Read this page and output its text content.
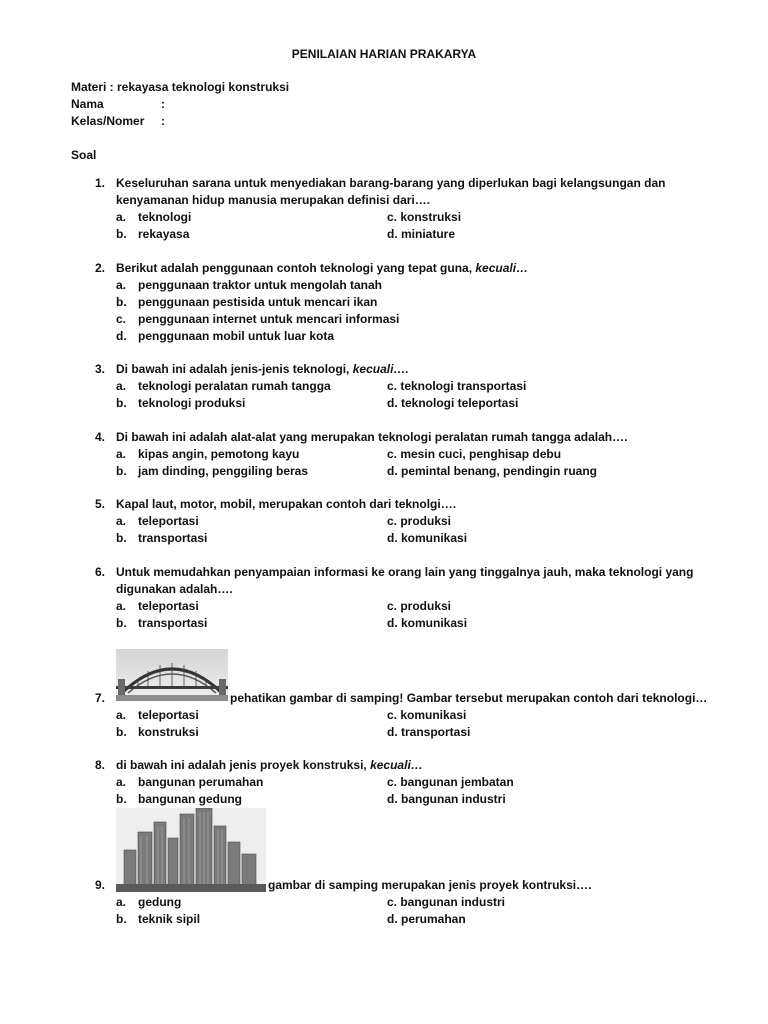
PENILAIAN HARIAN PRAKARYA
Materi : rekayasa teknologi konstruksi
Nama	:
Kelas/Nomer :
Soal
1. Keseluruhan sarana untuk menyediakan barang-barang yang diperlukan bagi kelangsungan dan kenyamanan hidup manusia merupakan definisi dari….
a. teknologi	c. konstruksi
b. rekayasa	d. miniature
2. Berikut adalah penggunaan contoh teknologi yang tepat guna, kecuali…
a. penggunaan traktor untuk mengolah tanah
b. penggunaan pestisida untuk mencari ikan
c. penggunaan internet untuk mencari informasi
d. penggunaan mobil untuk luar kota
3. Di bawah ini adalah jenis-jenis teknologi, kecuali….
a. teknologi peralatan rumah tangga	c. teknologi transportasi
b. teknologi produksi	d. teknologi teleportasi
4. Di bawah ini adalah alat-alat yang merupakan teknologi peralatan rumah tangga adalah….
a. kipas angin, pemotong kayu	c. mesin cuci, penghisap debu
b. jam dinding, penggiling beras	d. pemintal benang, pendingin ruang
5. Kapal laut, motor, mobil, merupakan contoh dari teknolgi….
a. teleportasi	c. produksi
b. transportasi	d. komunikasi
6. Untuk memudahkan penyampaian informasi ke orang lain yang tinggalnya jauh, maka teknologi yang digunakan adalah….
a. teleportasi	c. produksi
b. transportasi	d. komunikasi
7.	pehatikan gambar di samping! Gambar tersebut merupakan contoh dari teknologi…
a. teleportasi	c. komunikasi
b. konstruksi	d. transportasi
8. di bawah ini adalah jenis proyek konstruksi, kecuali…
a. bangunan perumahan	c. bangunan jembatan
b. bangunan gedung	d. bangunan industri
9.	gambar di samping merupakan jenis proyek kontruksi….
a. gedung	c. bangunan industri
b. teknik sipil	d. perumahan
